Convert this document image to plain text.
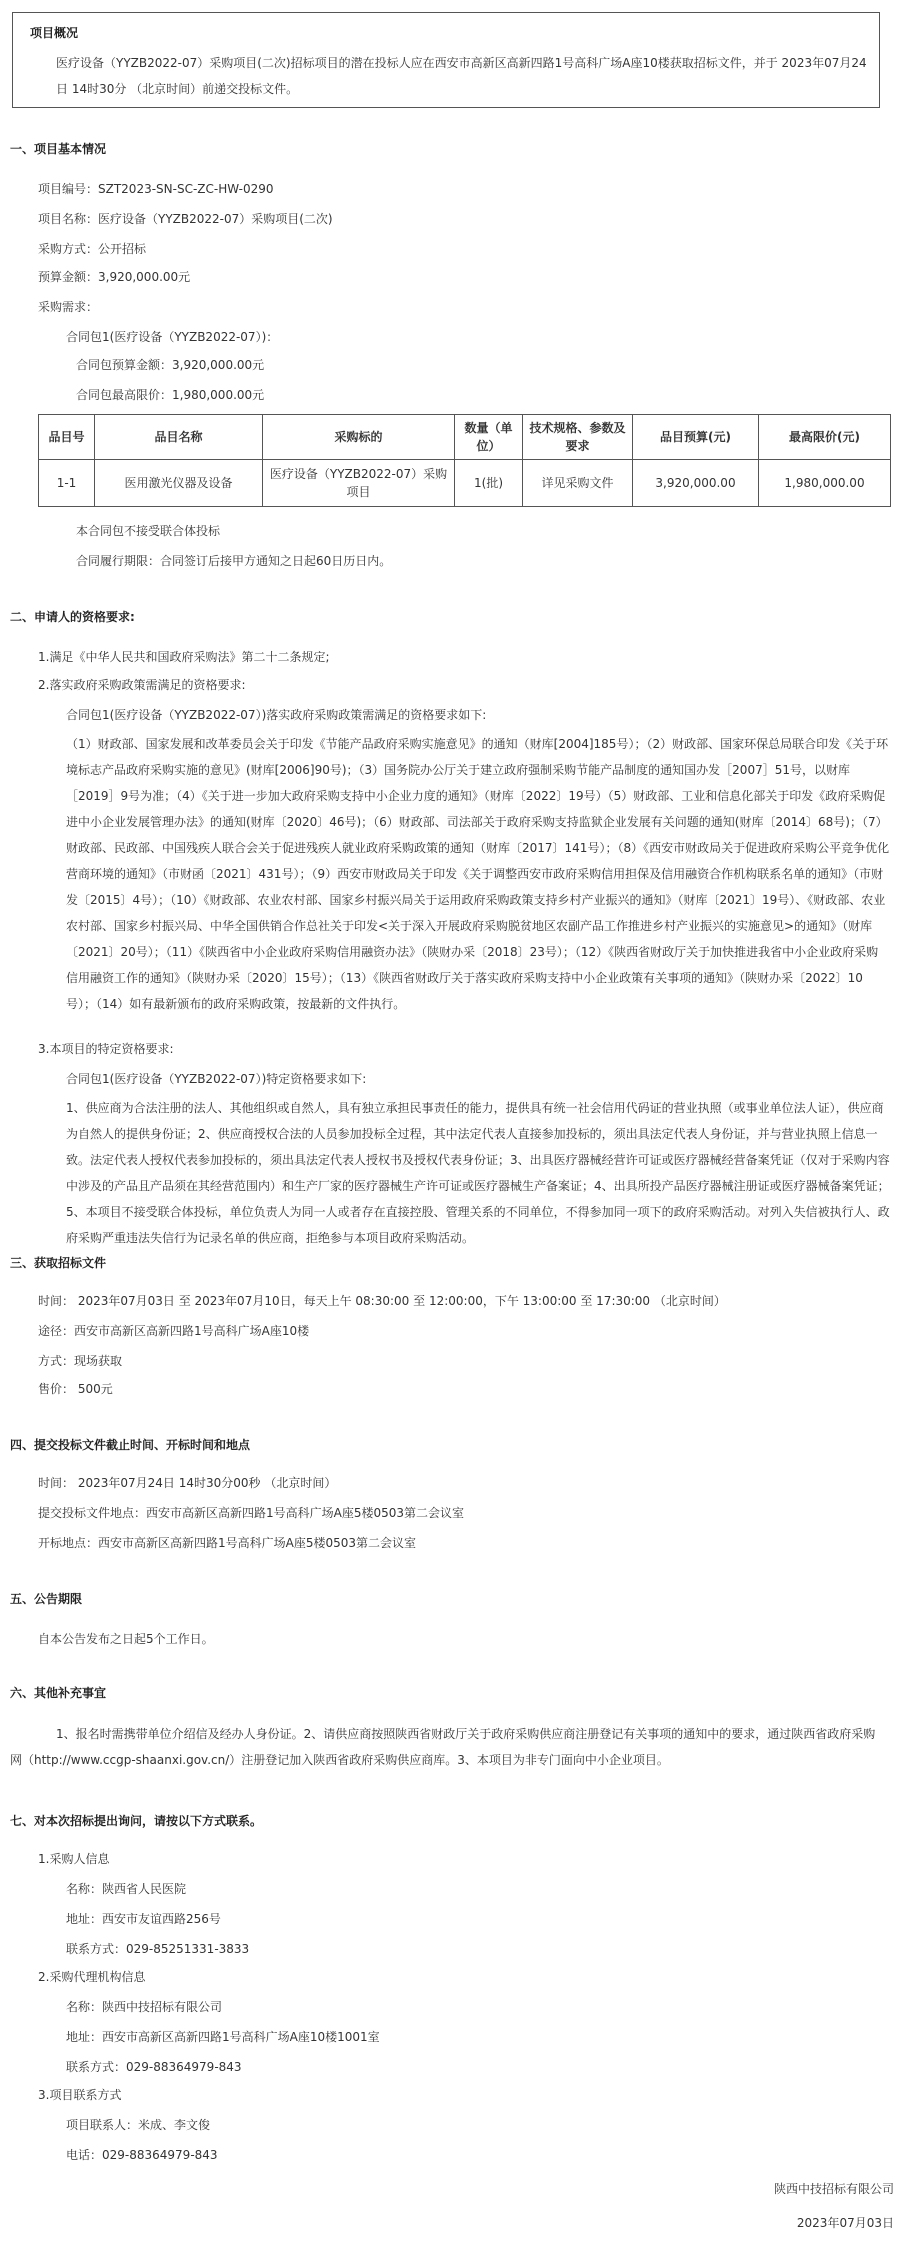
项目概况
医疗设备（YYZB2022-07）采购项目(二次)招标项目的潜在投标人应在西安市高新区高新四路1号高科广场A座10楼获取招标文件，并于 2023年07月24日 14时30分 （北京时间）前递交投标文件。
一、项目基本情况
项目编号：SZT2023-SN-SC-ZC-HW-0290
项目名称：医疗设备（YYZB2022-07）采购项目(二次)
采购方式：公开招标
预算金额：3,920,000.00元
采购需求：
合同包1(医疗设备（YYZB2022-07）)：
合同包预算金额：3,920,000.00元
合同包最高限价：1,980,000.00元
品目号	品目名称	采购标的	数量（单位）	技术规格、参数及要求	品目预算(元)	最高限价(元)
1-1	医用激光仪器及设备	医疗设备（YYZB2022-07）采购项目	1(批)	详见采购文件	3,920,000.00	1,980,000.00
本合同包不接受联合体投标
合同履行期限：合同签订后接甲方通知之日起60日历日内。
二、申请人的资格要求:
1.满足《中华人民共和国政府采购法》第二十二条规定;
2.落实政府采购政策需满足的资格要求:
合同包1(医疗设备（YYZB2022-07）)落实政府采购政策需满足的资格要求如下:
（1）财政部、国家发展和改革委员会关于印发《节能产品政府采购实施意见》的通知（财库[2004]185号）；（2）财政部、国家环保总局联合印发《关于环境标志产品政府采购实施的意见》(财库[2006]90号)；（3）国务院办公厅关于建立政府强制采购节能产品制度的通知国办发［2007］51号，以财库［2019］9号为准；（4）《关于进一步加大政府采购支持中小企业力度的通知》（财库〔2022〕19号）（5）财政部、工业和信息化部关于印发《政府采购促进中小企业发展管理办法》的通知(财库〔2020〕46号)；（6）财政部、司法部关于政府采购支持监狱企业发展有关问题的通知(财库〔2014〕68号)；（7）财政部、民政部、中国残疾人联合会关于促进残疾人就业政府采购政策的通知（财库〔2017〕141号）；（8）《西安市财政局关于促进政府采购公平竞争优化营商环境的通知》（市财函〔2021〕431号）；（9）西安市财政局关于印发《关于调整西安市政府采购信用担保及信用融资合作机构联系名单的通知》（市财发〔2015〕4号）；（10）《财政部、农业农村部、国家乡村振兴局关于运用政府采购政策支持乡村产业振兴的通知》（财库〔2021〕19号）、《财政部、农业农村部、国家乡村振兴局、中华全国供销合作总社关于印发<关于深入开展政府采购脱贫地区农副产品工作推进乡村产业振兴的实施意见>的通知》（财库〔2021〕20号）；（11）《陕西省中小企业政府采购信用融资办法》（陕财办采〔2018〕23号）；（12）《陕西省财政厅关于加快推进我省中小企业政府采购信用融资工作的通知》（陕财办采〔2020〕15号）；（13）《陕西省财政厅关于落实政府采购支持中小企业政策有关事项的通知》（陕财办采〔2022〕10号）；（14）如有最新颁布的政府采购政策，按最新的文件执行。
3.本项目的特定资格要求:
合同包1(医疗设备（YYZB2022-07）)特定资格要求如下:
1、供应商为合法注册的法人、其他组织或自然人，具有独立承担民事责任的能力，提供具有统一社会信用代码证的营业执照（或事业单位法人证），供应商为自然人的提供身份证；2、供应商授权合法的人员参加投标全过程，其中法定代表人直接参加投标的，须出具法定代表人身份证，并与营业执照上信息一致。法定代表人授权代表参加投标的，须出具法定代表人授权书及授权代表身份证；3、出具医疗器械经营许可证或医疗器械经营备案凭证（仅对于采购内容中涉及的产品且产品须在其经营范围内）和生产厂家的医疗器械生产许可证或医疗器械生产备案证；4、出具所投产品医疗器械注册证或医疗器械备案凭证；5、本项目不接受联合体投标，单位负责人为同一人或者存在直接控股、管理关系的不同单位，不得参加同一项下的政府采购活动。对列入失信被执行人、政府采购严重违法失信行为记录名单的供应商，拒绝参与本项目政府采购活动。
三、获取招标文件
时间： 2023年07月03日 至 2023年07月10日，每天上午 08:30:00 至 12:00:00，下午 13:00:00 至 17:30:00 （北京时间）
途径：西安市高新区高新四路1号高科广场A座10楼
方式：现场获取
售价： 500元
四、提交投标文件截止时间、开标时间和地点
时间： 2023年07月24日 14时30分00秒 （北京时间）
提交投标文件地点：西安市高新区高新四路1号高科广场A座5楼0503第二会议室
开标地点：西安市高新区高新四路1号高科广场A座5楼0503第二会议室
五、公告期限
自本公告发布之日起5个工作日。
六、其他补充事宜
1、报名时需携带单位介绍信及经办人身份证。2、请供应商按照陕西省财政厅关于政府采购供应商注册登记有关事项的通知中的要求，通过陕西省政府采购网（http://www.ccgp-shaanxi.gov.cn/）注册登记加入陕西省政府采购供应商库。3、本项目为非专门面向中小企业项目。
七、对本次招标提出询问，请按以下方式联系。
1.采购人信息
名称：陕西省人民医院
地址：西安市友谊西路256号
联系方式：029-85251331-3833
2.采购代理机构信息
名称：陕西中技招标有限公司
地址：西安市高新区高新四路1号高科广场A座10楼1001室
联系方式：029-88364979-843
3.项目联系方式
项目联系人：米成、李文俊
电话：029-88364979-843
陕西中技招标有限公司
2023年07月03日
